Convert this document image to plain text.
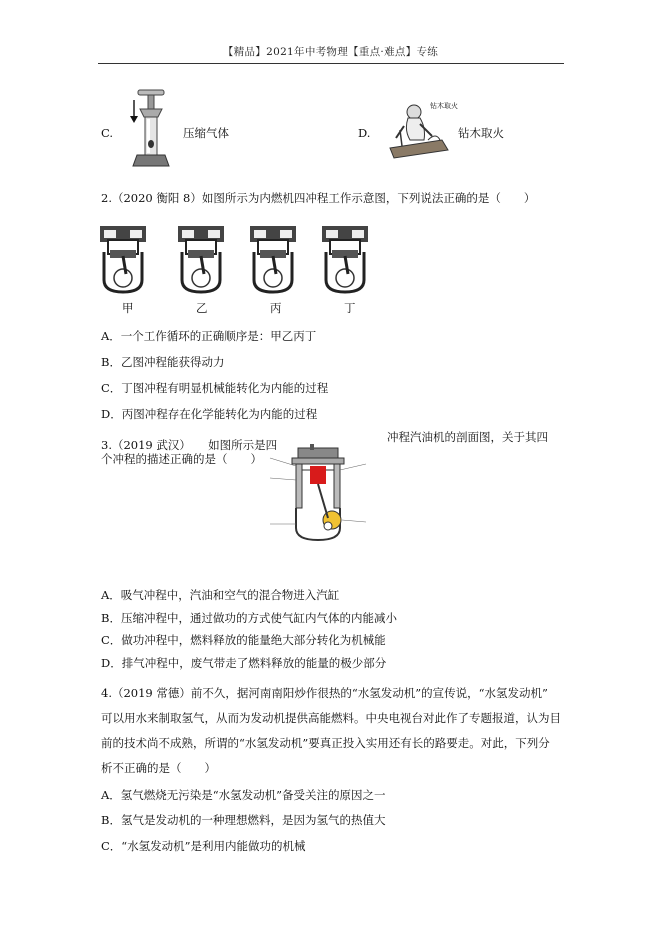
【精品】2021年中考物理【重点·难点】专练
C.	压缩气体	D.
钻木取火
钻木取火
2.（2020 衡阳 8）如图所示为内燃机四冲程工作示意图，下列说法正确的是（　　）
甲	乙	丙	丁
A．一个工作循环的正确顺序是：甲乙丙丁
B．乙图冲程能获得动力
C．丁图冲程有明显机械能转化为内能的过程
D．丙图冲程存在化学能转化为内能的过程
3.（2019 武汉）　　如图所示是四
冲程汽油机的剖面图，关于其四
个冲程的描述正确的是（　　）
A．吸气冲程中，汽油和空气的混合物进入汽缸
B．压缩冲程中，通过做功的方式使气缸内气体的内能减小
C．做功冲程中，燃料释放的能量绝大部分转化为机械能
D．排气冲程中，废气带走了燃料释放的能量的极少部分
4.（2019 常德）前不久，据河南南阳炒作很热的“水氢发动机”的宣传说，“水氢发动机”
可以用水来制取氢气，从而为发动机提供高能燃料。中央电视台对此作了专题报道，认为目
前的技术尚不成熟，所谓的“水氢发动机”要真正投入实用还有长的路要走。对此，下列分
析不正确的是（　　）
A．氢气燃烧无污染是“水氢发动机”备受关注的原因之一
B．氢气是发动机的一种理想燃料，是因为氢气的热值大
C．“水氢发动机”是利用内能做功的机械
